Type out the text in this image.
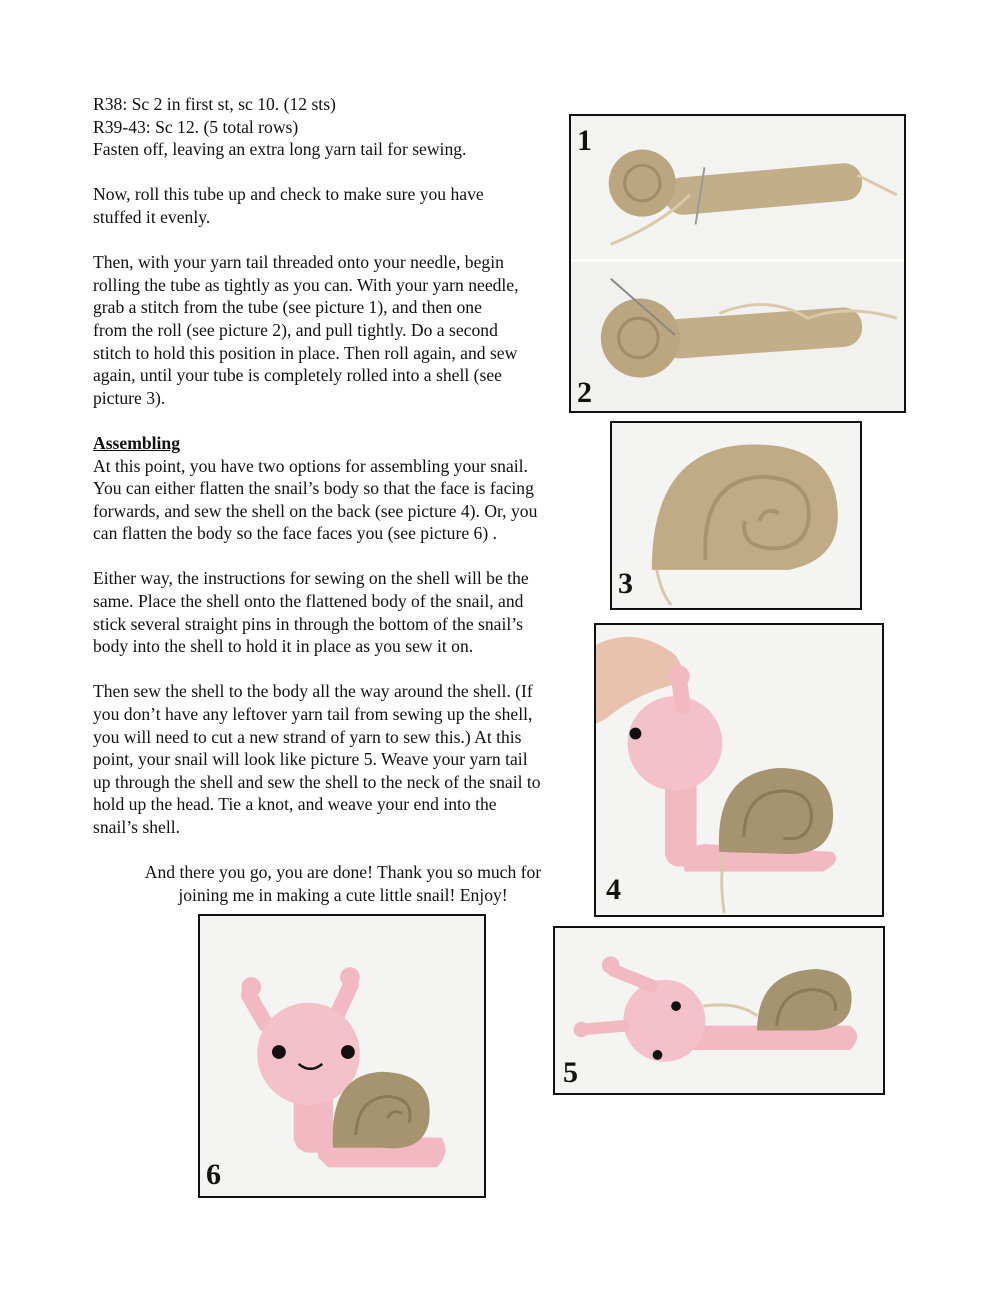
R38: Sc 2 in first st, sc 10. (12 sts)
R39-43: Sc 12. (5 total rows)
Fasten off, leaving an extra long yarn tail for sewing.
Now, roll this tube up and check to make sure you have
stuffed it evenly.
Then, with your yarn tail threaded onto your needle, begin
rolling the tube as tightly as you can. With your yarn needle,
grab a stitch from the tube (see picture 1), and then one
from the roll (see picture 2), and pull tightly. Do a second
stitch to hold this position in place. Then roll again, and sew
again, until your tube is completely rolled into a shell (see
picture 3).
Assembling
At this point, you have two options for assembling your snail.
You can either flatten the snail’s body so that the face is facing
forwards, and sew the shell on the back (see picture 4). Or, you
can flatten the body so the face faces you (see picture 6) .
Either way, the instructions for sewing on the shell will be the
same. Place the shell onto the flattened body of the snail, and
stick several straight pins in through the bottom of the snail’s
body into the shell to hold it in place as you sew it on.
Then sew the shell to the body all the way around the shell. (If
you don’t have any leftover yarn tail from sewing up the shell,
you will need to cut a new strand of yarn to sew this.) At this
point, your snail will look like picture 5. Weave your yarn tail
up through the shell and sew the shell to the neck of the snail to
hold up the head. Tie a knot, and weave your end into the
snail’s shell.
And there you go, you are done! Thank you so much for
joining me in making a cute little snail! Enjoy!
1
2
3
4
5
6
